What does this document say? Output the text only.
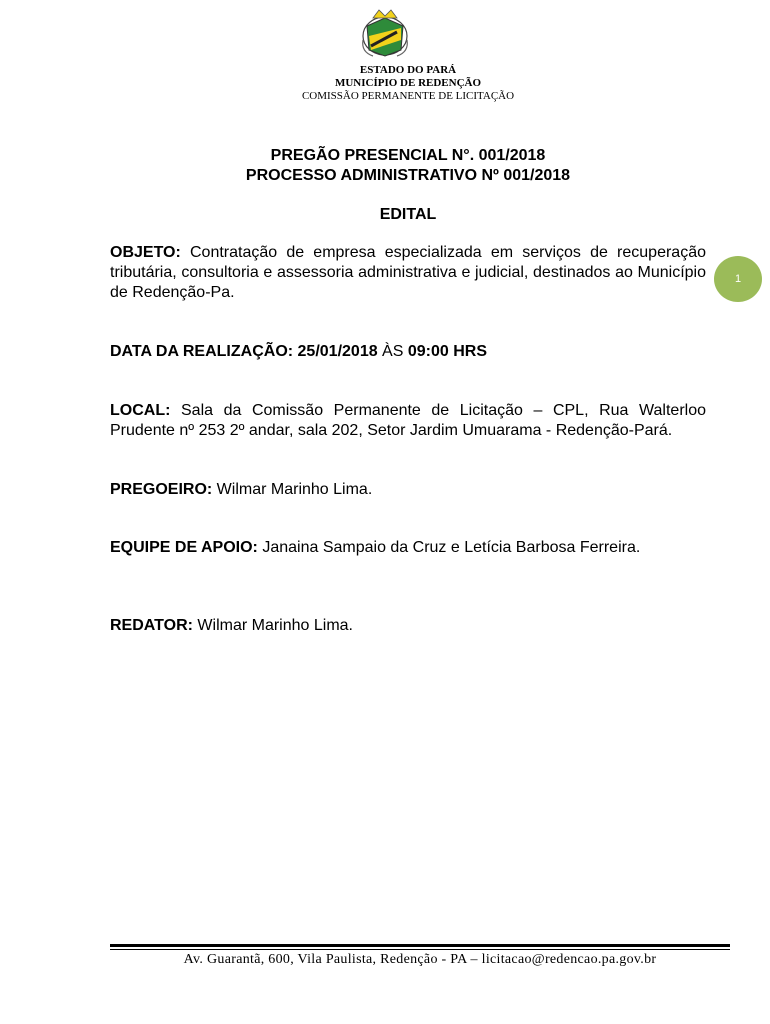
ESTADO DO PARÁ
MUNICÍPIO DE REDENÇÃO
COMISSÃO PERMANENTE DE LICITAÇÃO
PREGÃO PRESENCIAL N°. 001/2018
PROCESSO ADMINISTRATIVO Nº 001/2018
EDITAL
OBJETO: Contratação de empresa especializada em serviços de recuperação tributária, consultoria e assessoria administrativa e judicial, destinados ao Município de Redenção-Pa.
1
DATA DA REALIZAÇÃO: 25/01/2018 ÀS 09:00 HRS
LOCAL: Sala da Comissão Permanente de Licitação – CPL, Rua Walterloo Prudente nº 253 2º andar, sala 202, Setor Jardim Umuarama - Redenção-Pará.
PREGOEIRO: Wilmar Marinho Lima.
EQUIPE DE APOIO: Janaina Sampaio da Cruz e Letícia Barbosa Ferreira.
REDATOR: Wilmar Marinho Lima.
Av. Guarantã, 600, Vila Paulista, Redenção - PA – licitacao@redencao.pa.gov.br
